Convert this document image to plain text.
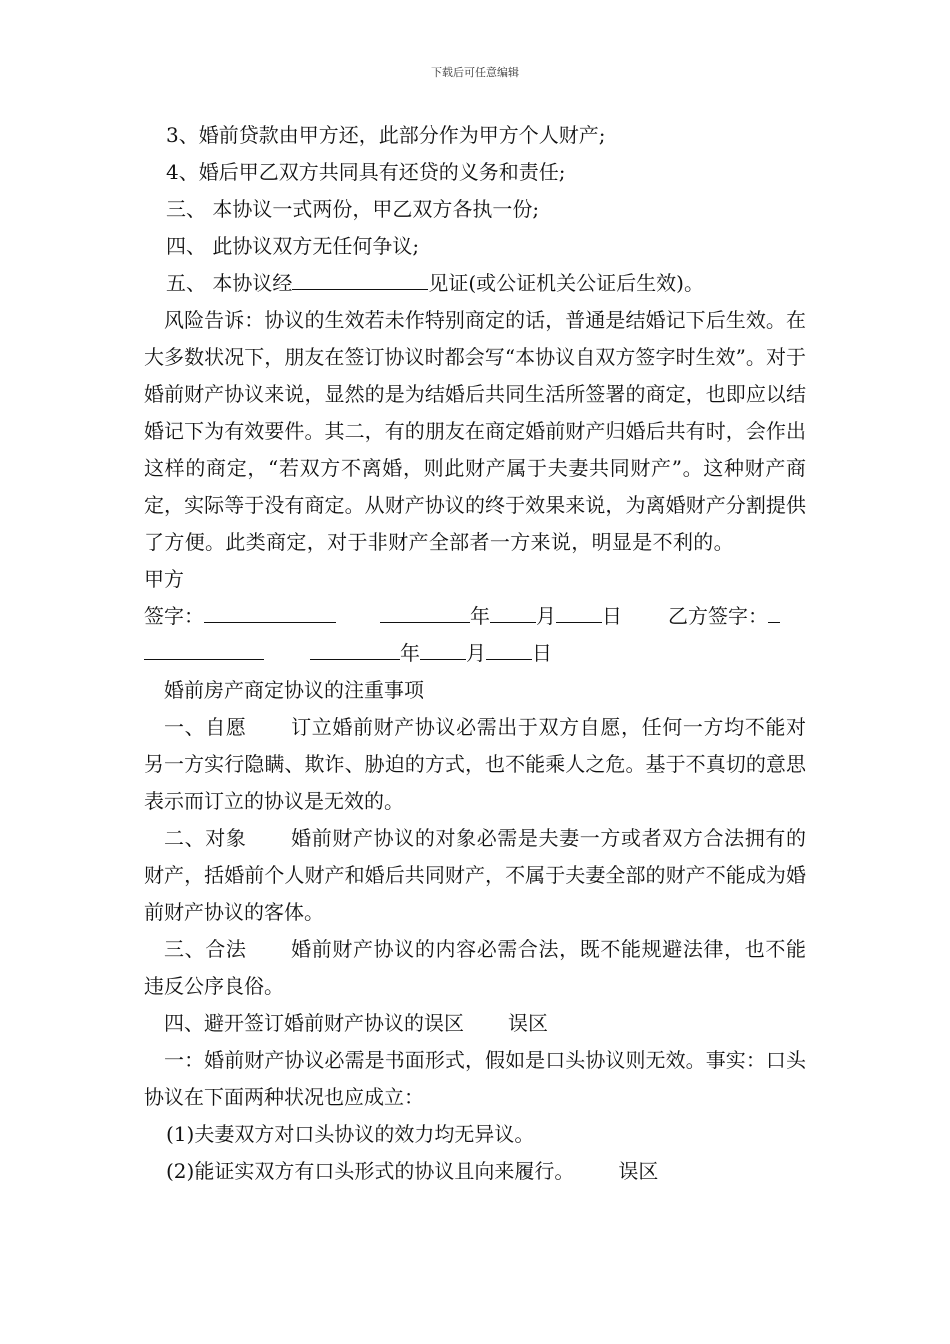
下载后可任意编辑
3、婚前贷款由甲方还，此部分作为甲方个人财产;
4、婚后甲乙双方共同具有还贷的义务和责任;
三、 本协议一式两份，甲乙双方各执一份;
四、 此协议双方无任何争议;
五、 本协议经	见证(或公证机关公证后生效)。
风险告诉：协议的生效若未作特别商定的话，普通是结婚记下后生效。在大多数状况下，朋友在签订协议时都会写“本协议自双方签字时生效”。对于婚前财产协议来说，显然的是为结婚后共同生活所签署的商定，也即应以结婚记下为有效要件。其二，有的朋友在商定婚前财产归婚后共有时，会作出这样的商定，“若双方不离婚，则此财产属于夫妻共同财产”。这种财产商定，实际等于没有商定。从财产协议的终于效果来说，为离婚财产分割提供了方便。此类商定，对于非财产全部者一方来说，明显是不利的。甲方
签字：	年 月 日 乙方签字：
年 月 日
婚前房产商定协议的注重事项
一、自愿 订立婚前财产协议必需出于双方自愿，任何一方均不能对另一方实行隐瞒、欺诈、胁迫的方式，也不能乘人之危。基于不真切的意思表示而订立的协议是无效的。
二、对象 婚前财产协议的对象必需是夫妻一方或者双方合法拥有的财产，括婚前个人财产和婚后共同财产，不属于夫妻全部的财产不能成为婚前财产协议的客体。
三、合法 婚前财产协议的内容必需合法，既不能规避法律，也不能违反公序良俗。
四、避开签订婚前财产协议的误区 误区
一：婚前财产协议必需是书面形式，假如是口头协议则无效。事实：口头协议在下面两种状况也应成立：
(1)夫妻双方对口头协议的效力均无异议。
(2)能证实双方有口头形式的协议且向来履行。 误区
